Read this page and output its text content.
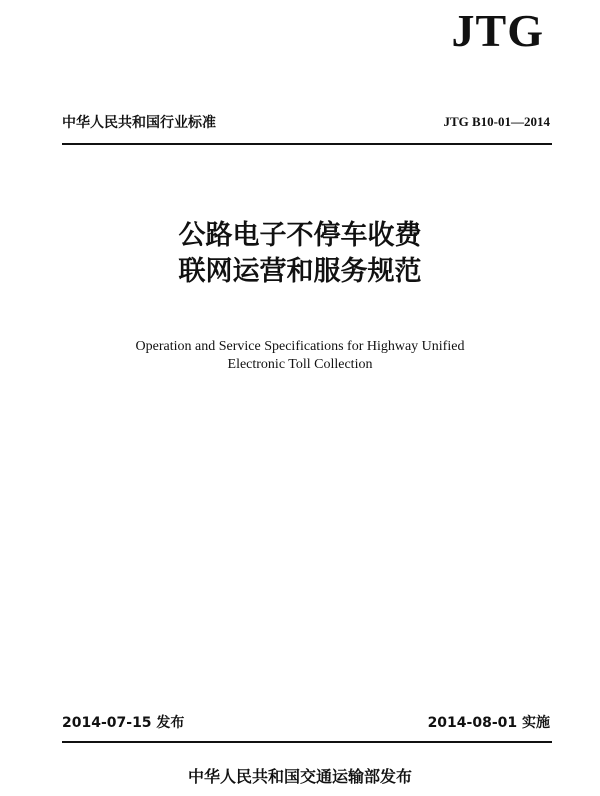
JTG
中华人民共和国行业标准	JTG B10-01—2014
公路电子不停车收费
联网运营和服务规范
Operation and Service Specifications for Highway Unified
Electronic Toll Collection
2014-07-15 发布	2014-08-01 实施
中华人民共和国交通运输部发布
